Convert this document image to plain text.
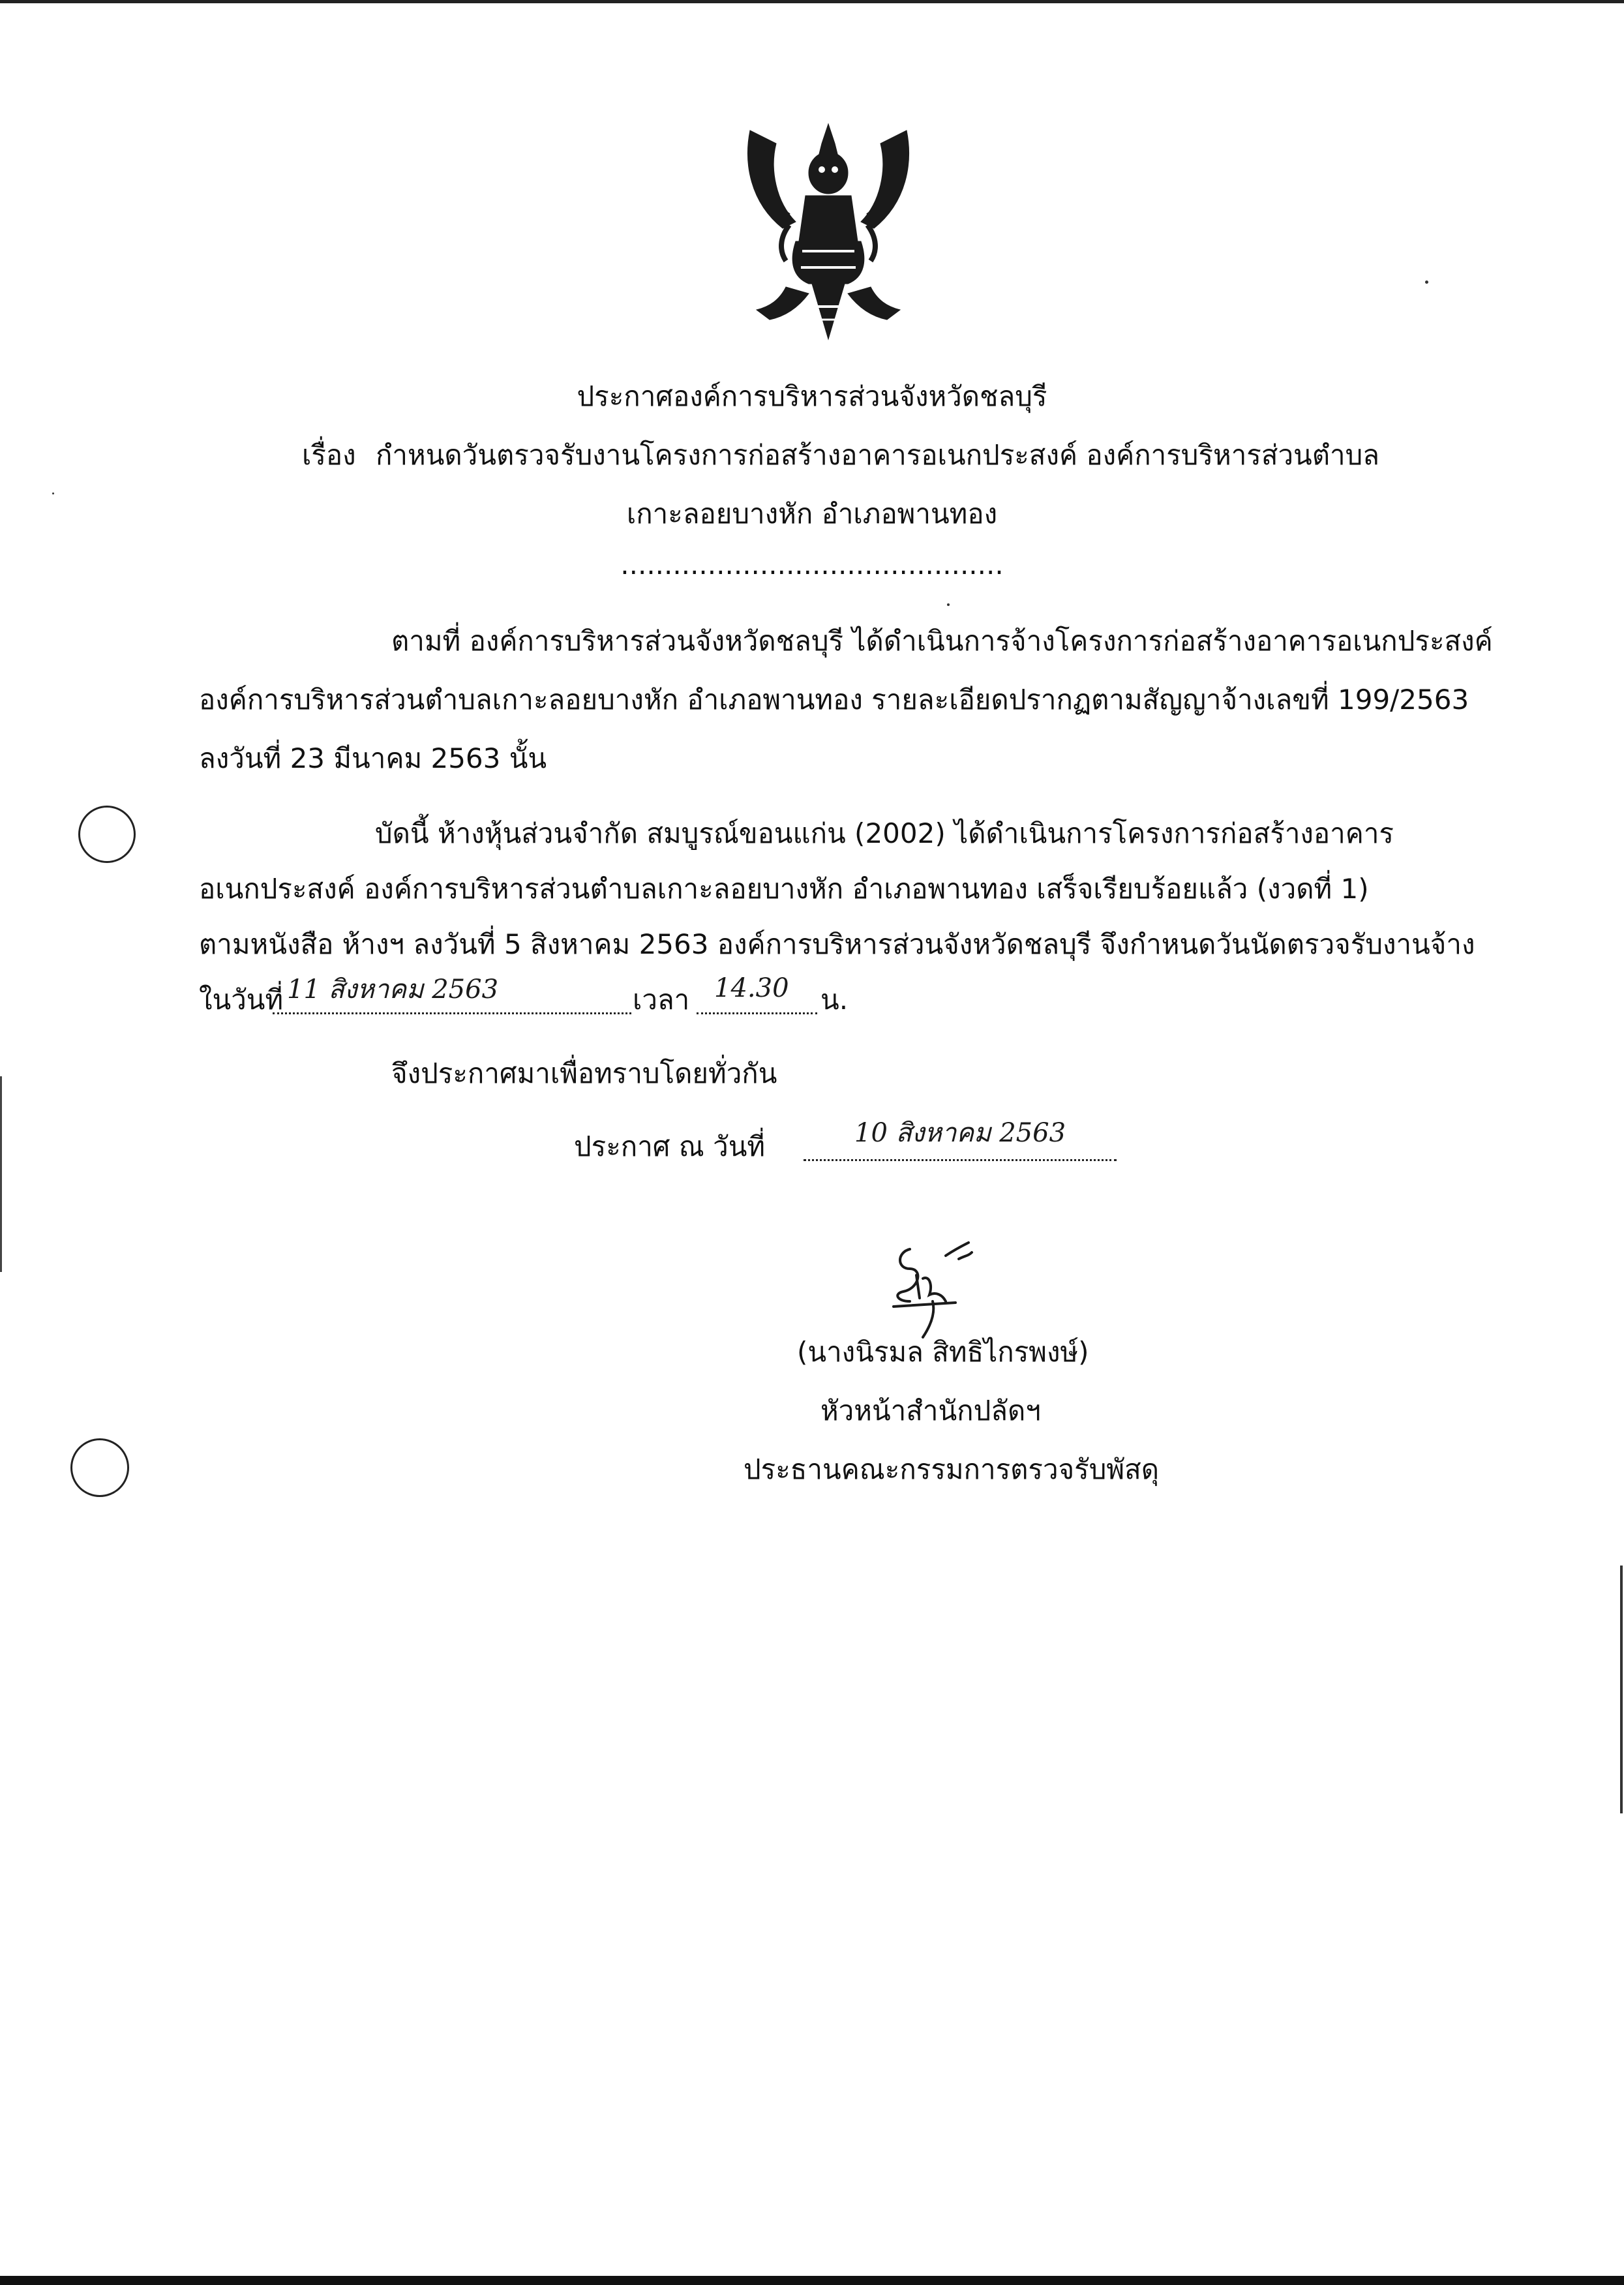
ประกาศองค์การบริหารส่วนจังหวัดชลบุรี
เรื่อง กำหนดวันตรวจรับงานโครงการก่อสร้างอาคารอเนกประสงค์ องค์การบริหารส่วนตำบล
เกาะลอยบางหัก อำเภอพานทอง
............................................
ตามที่ องค์การบริหารส่วนจังหวัดชลบุรี ได้ดำเนินการจ้างโครงการก่อสร้างอาคารอเนกประสงค์
องค์การบริหารส่วนตำบลเกาะลอยบางหัก อำเภอพานทอง รายละเอียดปรากฏตามสัญญาจ้างเลขที่ 199/2563
ลงวันที่ 23 มีนาคม 2563 นั้น
บัดนี้ ห้างหุ้นส่วนจำกัด สมบูรณ์ขอนแก่น (2002) ได้ดำเนินการโครงการก่อสร้างอาคาร
อเนกประสงค์ องค์การบริหารส่วนตำบลเกาะลอยบางหัก อำเภอพานทอง เสร็จเรียบร้อยแล้ว (งวดที่ 1)
ตามหนังสือ ห้างฯ ลงวันที่ 5 สิงหาคม 2563 องค์การบริหารส่วนจังหวัดชลบุรี จึงกำหนดวันนัดตรวจรับงานจ้าง
ในวันที่ 11 สิงหาคม 2563	เวลา 14.30 น.
จึงประกาศมาเพื่อทราบโดยทั่วกัน
ประกาศ ณ วันที่	10 สิงหาคม 2563
(นางนิรมล สิทธิไกรพงษ์)
หัวหน้าสำนักปลัดฯ
ประธานคณะกรรมการตรวจรับพัสดุ
